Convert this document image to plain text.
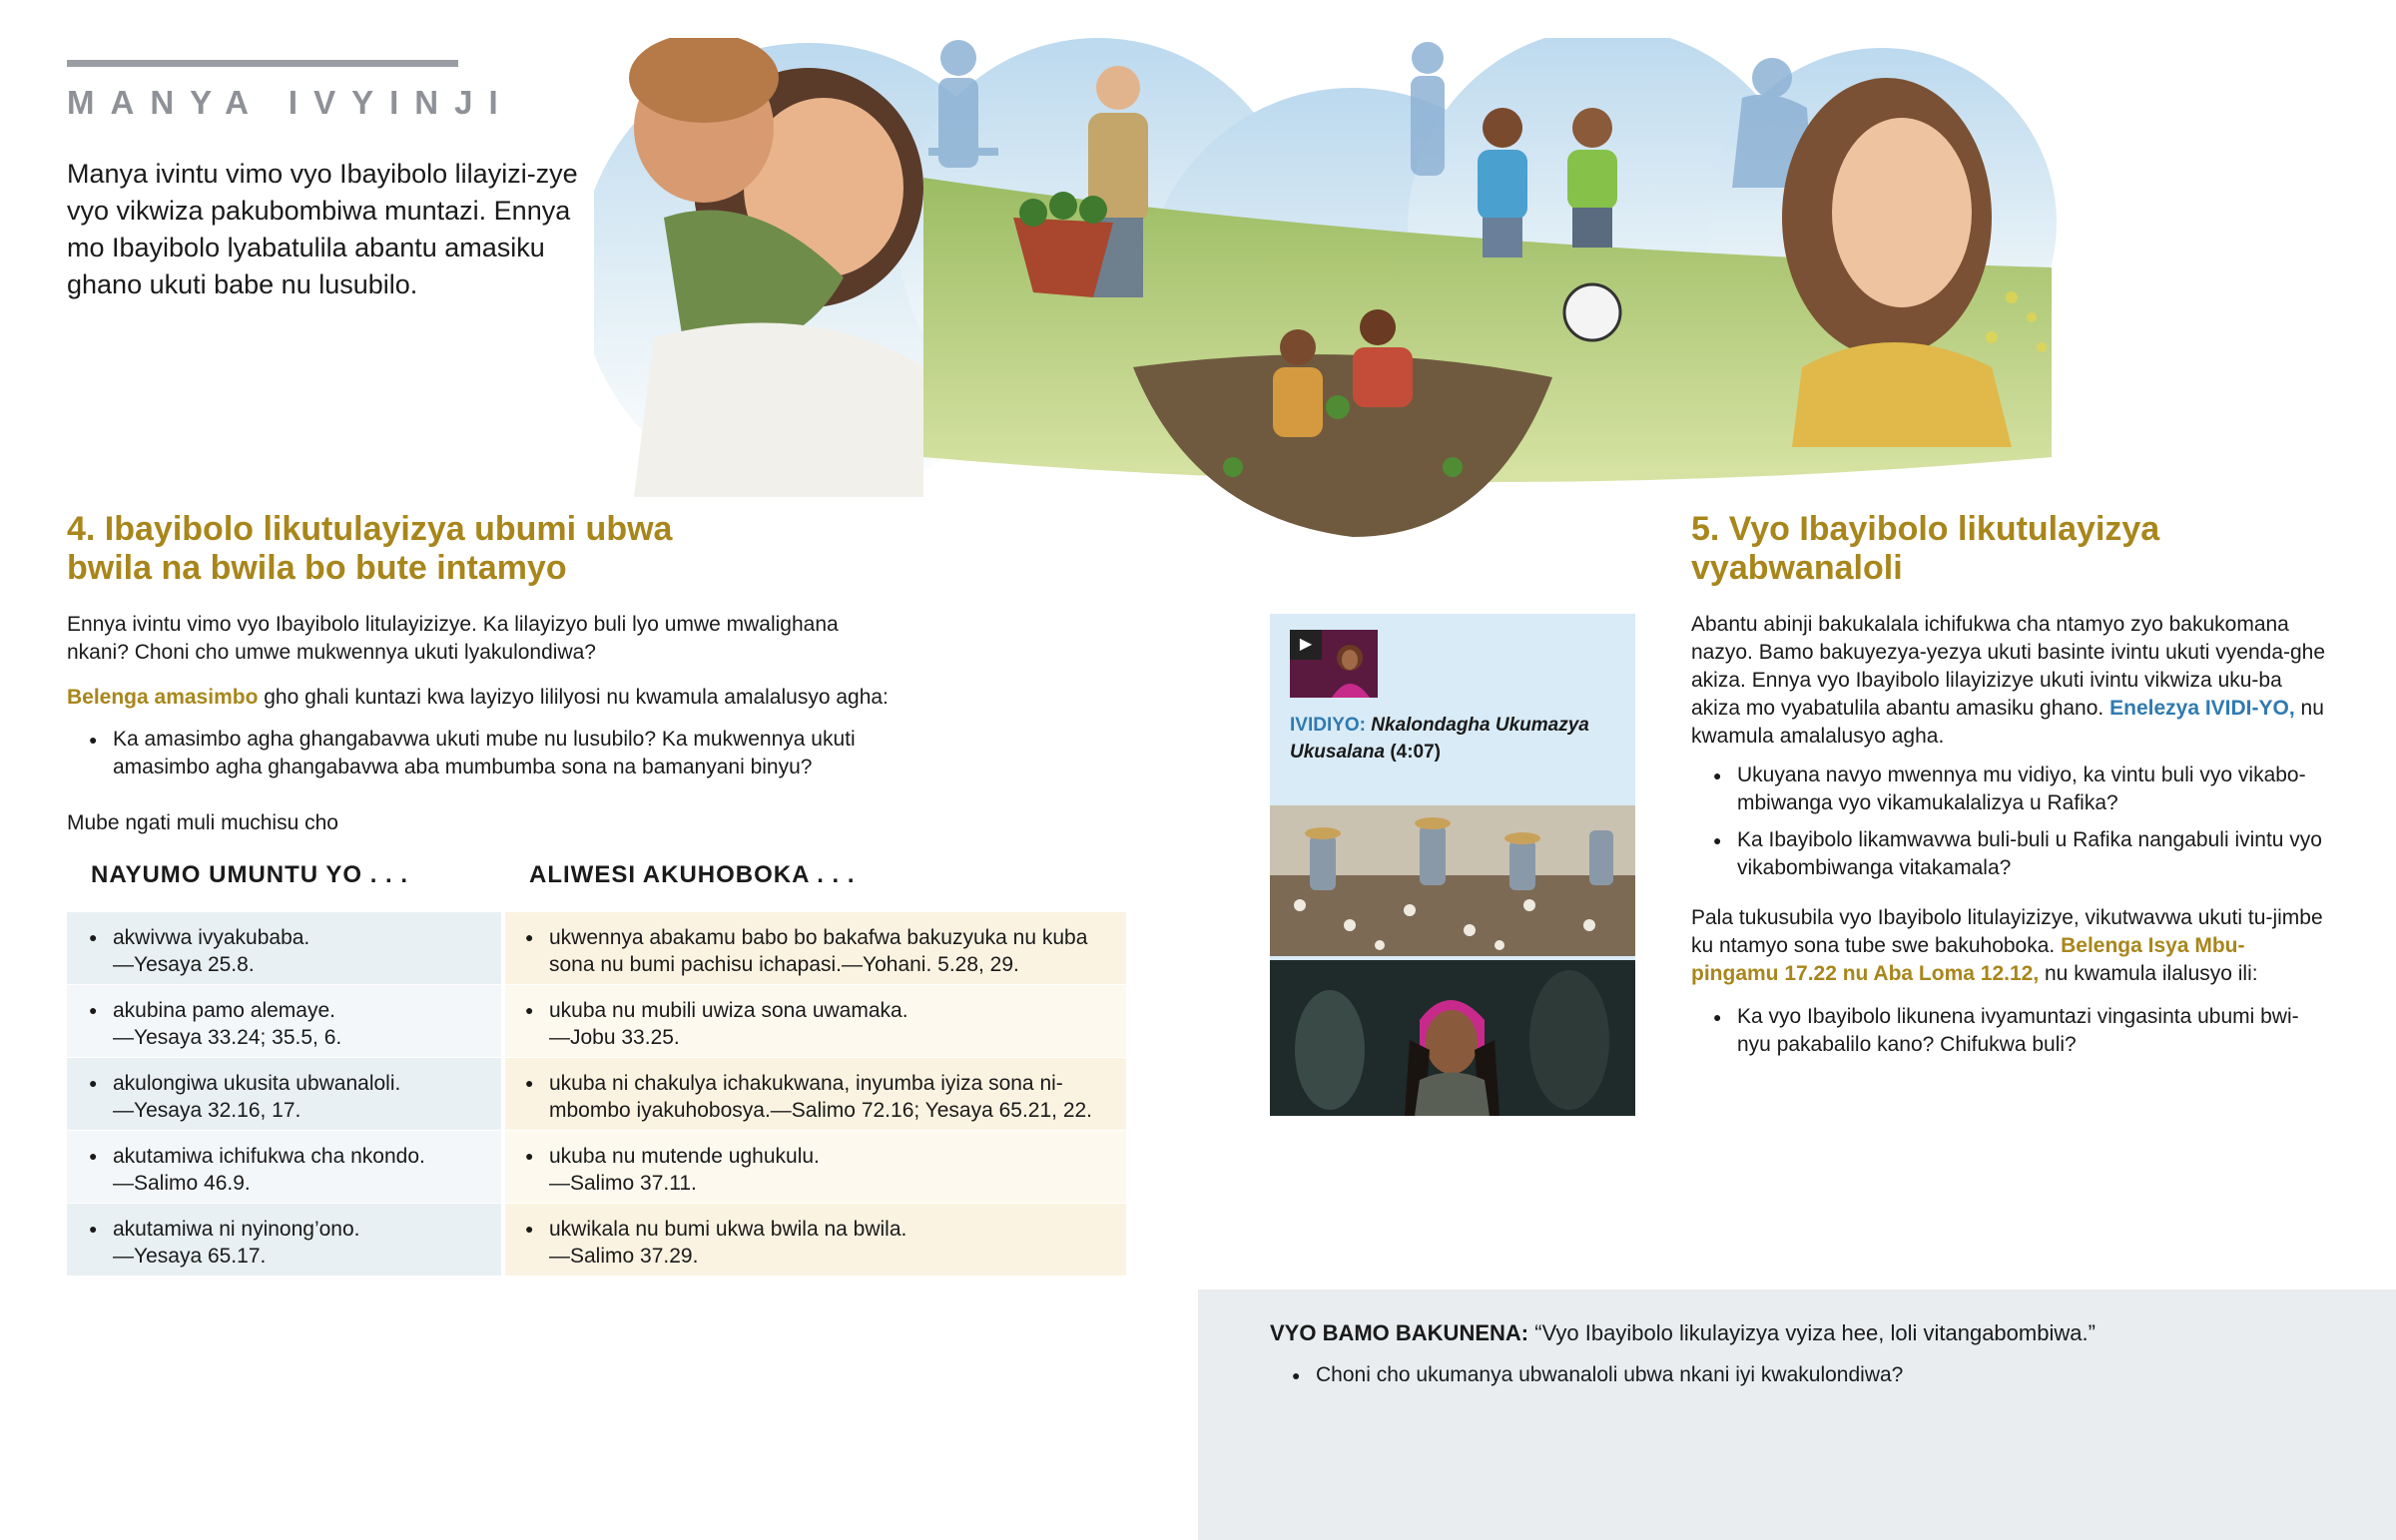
MANYA IVYINJI

Manya ivintu vimo vyo Ibayibolo lilayizi-zye vyo vikwiza pakubombiwa muntazi. Ennya mo Ibayibolo lyabatulila abantu amasiku ghano ukuti babe nu lusubilo.

4. Ibayibolo likutulayizya ubumi ubwa bwila na bwila bo bute intamyo

Ennya ivintu vimo vyo Ibayibolo litulayizizye. Ka lilayizyo buli lyo umwe mwalighana nkani? Choni cho umwe mukwennya ukuti lyakulondiwa?

Belenga amasimbo gho ghali kuntazi kwa layizyo lililyosi nu kwamula amalalusyo agha:

● Ka amasimbo agha ghangabavwa ukuti mube nu lusubilo? Ka mukwennya ukuti amasimbo agha ghangabavwa aba mumbumba sona na bamanyani binyu?

Mube ngati muli muchisu cho

NAYUMO UMUNTU YO . . .	ALIWESI AKUHOBOKA . . .
● akwivwa ivyakubaba.
—Yesaya 25.8.
● ukwennya abakamu babo bo bakafwa bakuzyuka nu kuba sona nu bumi pachisu ichapasi.—Yohani. 5.28, 29.
● akubina pamo alemaye.
—Yesaya 33.24; 35.5, 6.
● ukuba nu mubili uwiza sona uwamaka.
—Jobu 33.25.
● akulongiwa ukusita ubwanaloli.
—Yesaya 32.16, 17.
● ukuba ni chakulya ichakukwana, inyumba iyiza sona ni-mbombo iyakuhobosya.—Salimo 72.16; Yesaya 65.21, 22.
● akutamiwa ichifukwa cha nkondo.
—Salimo 46.9.
● ukuba nu mutende ughukulu.
—Salimo 37.11.
● akutamiwa ni nyinong’ono.
—Yesaya 65.17.
● ukwikala nu bumi ukwa bwila na bwila.
—Salimo 37.29.
▶
IVIDIYO: Nkalondagha Ukumazya Ukusalana (4:07)
5. Vyo Ibayibolo likutulayizya vyabwanaloli

Abantu abinji bakukalala ichifukwa cha ntamyo zyo bakukomana nazyo. Bamo bakuyezya-yezya ukuti basinte ivintu ukuti vyenda-ghe akiza. Ennya vyo Ibayibolo lilayizizye ukuti ivintu vikwiza uku-ba akiza mo vyabatulila abantu amasiku ghano. Enelezya IVIDI-YO, nu kwamula amalalusyo agha.

● Ukuyana navyo mwennya mu vidiyo, ka vintu buli vyo vikabo-mbiwanga vyo vikamukalalizya u Rafika?
● Ka Ibayibolo likamwavwa buli-buli u Rafika nangabuli ivintu vyo vikabombiwanga vitakamala?

Pala tukusubila vyo Ibayibolo litulayizizye, vikutwavwa ukuti tu-jimbe ku ntamyo sona tube swe bakuhoboka. Belenga Isya Mbu-pingamu 17.22 nu Aba Loma 12.12, nu kwamula ilalusyo ili:

● Ka vyo Ibayibolo likunena ivyamuntazi vingasinta ubumi bwi-nyu pakabalilo kano? Chifukwa buli?

VYO BAMO BAKUNENA: “Vyo Ibayibolo likulayizya vyiza hee, loli vitangabombiwa.”

● Choni cho ukumanya ubwanaloli ubwa nkani iyi kwakulondiwa?
